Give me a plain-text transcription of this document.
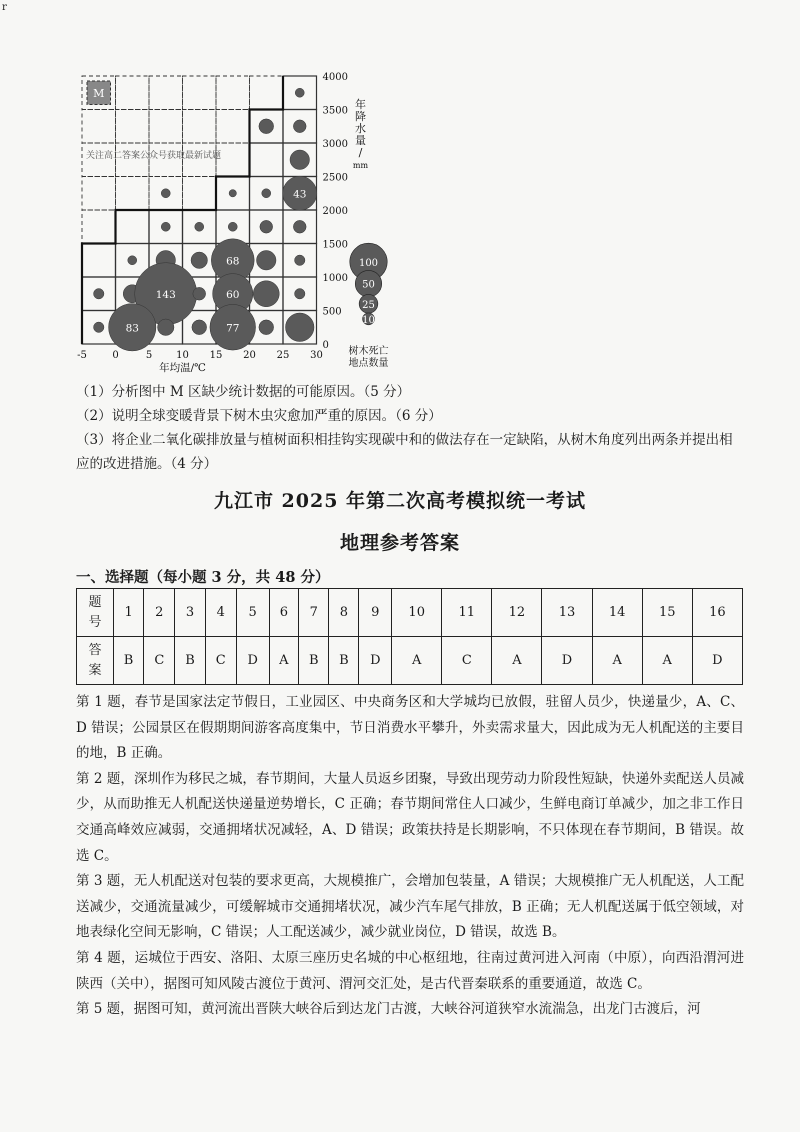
r
M
-5	0	5 10 15 20 25 30
0
500
1000
1500
2000
2500
3000
3500
4000
年均温/℃
年
降
水
量
/
mm
关注高二答案公众号获取最新试题
43
68
143	60
83	77
100
50
25
10
树木死亡
地点数量

（1）分析图中 M 区缺少统计数据的可能原因。（5 分）

（2）说明全球变暖背景下树木虫灾愈加严重的原因。（6 分）

（3）将企业二氧化碳排放量与植树面积相挂钩实现碳中和的做法存在一定缺陷，从树木角度列出两条并提出相应的改进措施。（4 分）

九江市 2025 年第二次高考模拟统一考试
地理参考答案
一、选择题（每小题 3 分，共 48 分）
题
号	1	2	3	4	5	6	7	8	9	10	11	12	13	14	15	16
答
案	B	C	B	C	D	A	B	B	D	A	C	A	D	A	A	D

第 1 题，春节是国家法定节假日，工业园区、中央商务区和大学城均已放假，驻留人员少，快递量少，A、C、D 错误；公园景区在假期期间游客高度集中，节日消费水平攀升，外卖需求量大，因此成为无人机配送的主要目的地，B 正确。

第 2 题，深圳作为移民之城，春节期间，大量人员返乡团聚，导致出现劳动力阶段性短缺，快递外卖配送人员减少，从而助推无人机配送快递量逆势增长，C 正确；春节期间常住人口减少，生鲜电商订单减少，加之非工作日交通高峰效应减弱，交通拥堵状况减轻，A、D 错误；政策扶持是长期影响，不只体现在春节期间，B 错误。故选 C。

第 3 题，无人机配送对包装的要求更高，大规模推广，会增加包装量，A 错误；大规模推广无人机配送，人工配送减少，交通流量减少，可缓解城市交通拥堵状况，减少汽车尾气排放，B 正确；无人机配送属于低空领域，对地表绿化空间无影响，C 错误；人工配送减少，减少就业岗位，D 错误，故选 B。

第 4 题，运城位于西安、洛阳、太原三座历史名城的中心枢纽地，往南过黄河进入河南（中原），向西沿渭河进陕西（关中），据图可知风陵古渡位于黄河、渭河交汇处，是古代晋秦联系的重要通道，故选 C。

第 5 题，据图可知，黄河流出晋陕大峡谷后到达龙门古渡，大峡谷河道狭窄水流湍急，出龙门古渡后，河
